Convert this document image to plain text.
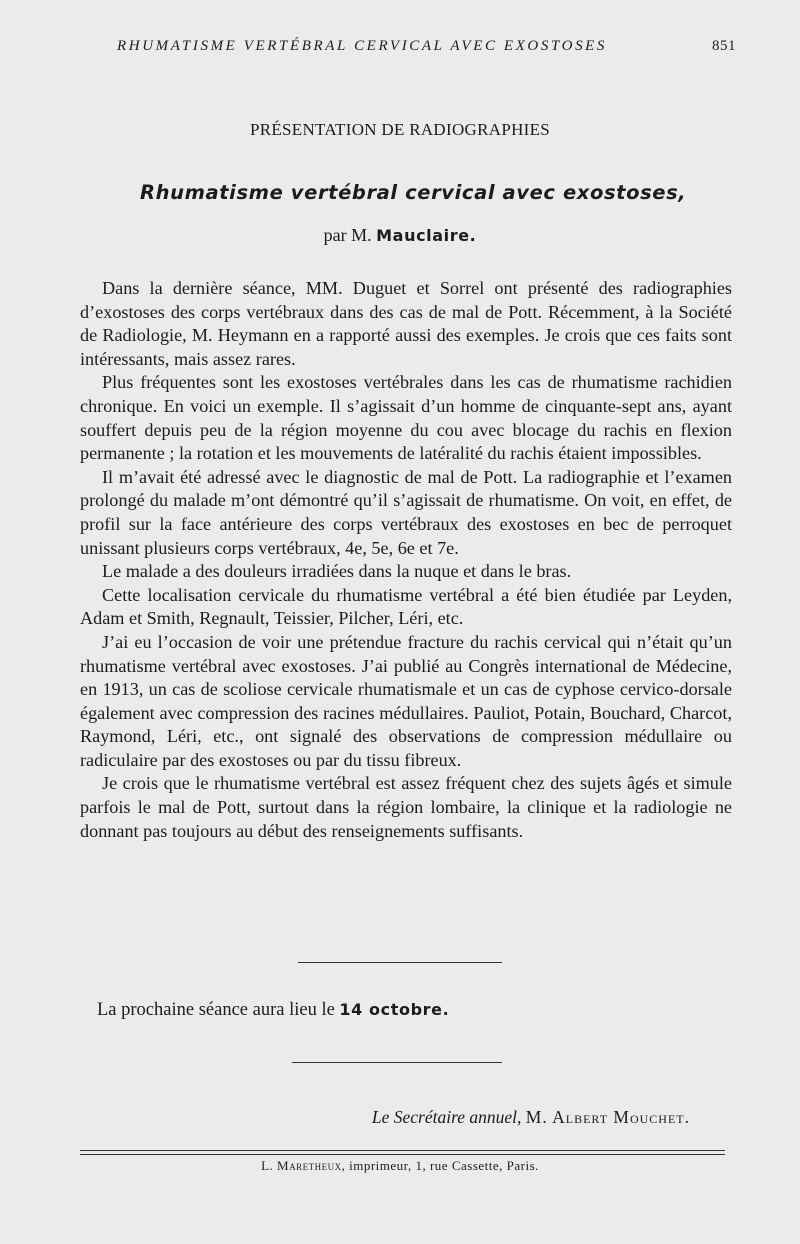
RHUMATISME VERTÉBRAL CERVICAL AVEC EXOSTOSES	851
PRÉSENTATION DE RADIOGRAPHIES
Rhumatisme vertébral cervical avec exostoses,
par M. Mauclaire.

Dans la dernière séance, MM. Duguet et Sorrel ont présenté des radiographies d’exostoses des corps vertébraux dans des cas de mal de Pott. Récemment, à la Société de Radiologie, M. Heymann en a rapporté aussi des exemples. Je crois que ces faits sont intéressants, mais assez rares.

Plus fréquentes sont les exostoses vertébrales dans les cas de rhumatisme rachidien chronique. En voici un exemple. Il s’agissait d’un homme de cinquante-sept ans, ayant souffert depuis peu de la région moyenne du cou avec blocage du rachis en flexion permanente ; la rotation et les mouvements de latéralité du rachis étaient impossibles.

Il m’avait été adressé avec le diagnostic de mal de Pott. La radiographie et l’examen prolongé du malade m’ont démontré qu’il s’agissait de rhumatisme. On voit, en effet, de profil sur la face antérieure des corps vertébraux des exostoses en bec de perroquet unissant plusieurs corps vertébraux, 4e, 5e, 6e et 7e.

Le malade a des douleurs irradiées dans la nuque et dans le bras.

Cette localisation cervicale du rhumatisme vertébral a été bien étudiée par Leyden, Adam et Smith, Regnault, Teissier, Pilcher, Léri, etc.

J’ai eu l’occasion de voir une prétendue fracture du rachis cervical qui n’était qu’un rhumatisme vertébral avec exostoses. J’ai publié au Congrès international de Médecine, en 1913, un cas de scoliose cervicale rhumatismale et un cas de cyphose cervico-dorsale également avec compression des racines médullaires. Pauliot, Potain, Bouchard, Charcot, Raymond, Léri, etc., ont signalé des observations de compression médullaire ou radiculaire par des exostoses ou par du tissu fibreux.

Je crois que le rhumatisme vertébral est assez fréquent chez des sujets âgés et simule parfois le mal de Pott, surtout dans la région lombaire, la clinique et la radiologie ne donnant pas toujours au début des renseignements suffisants.

La prochaine séance aura lieu le 14 octobre.
Le Secrétaire annuel, M. Albert Mouchet.
L. Maretheux, imprimeur, 1, rue Cassette, Paris.
